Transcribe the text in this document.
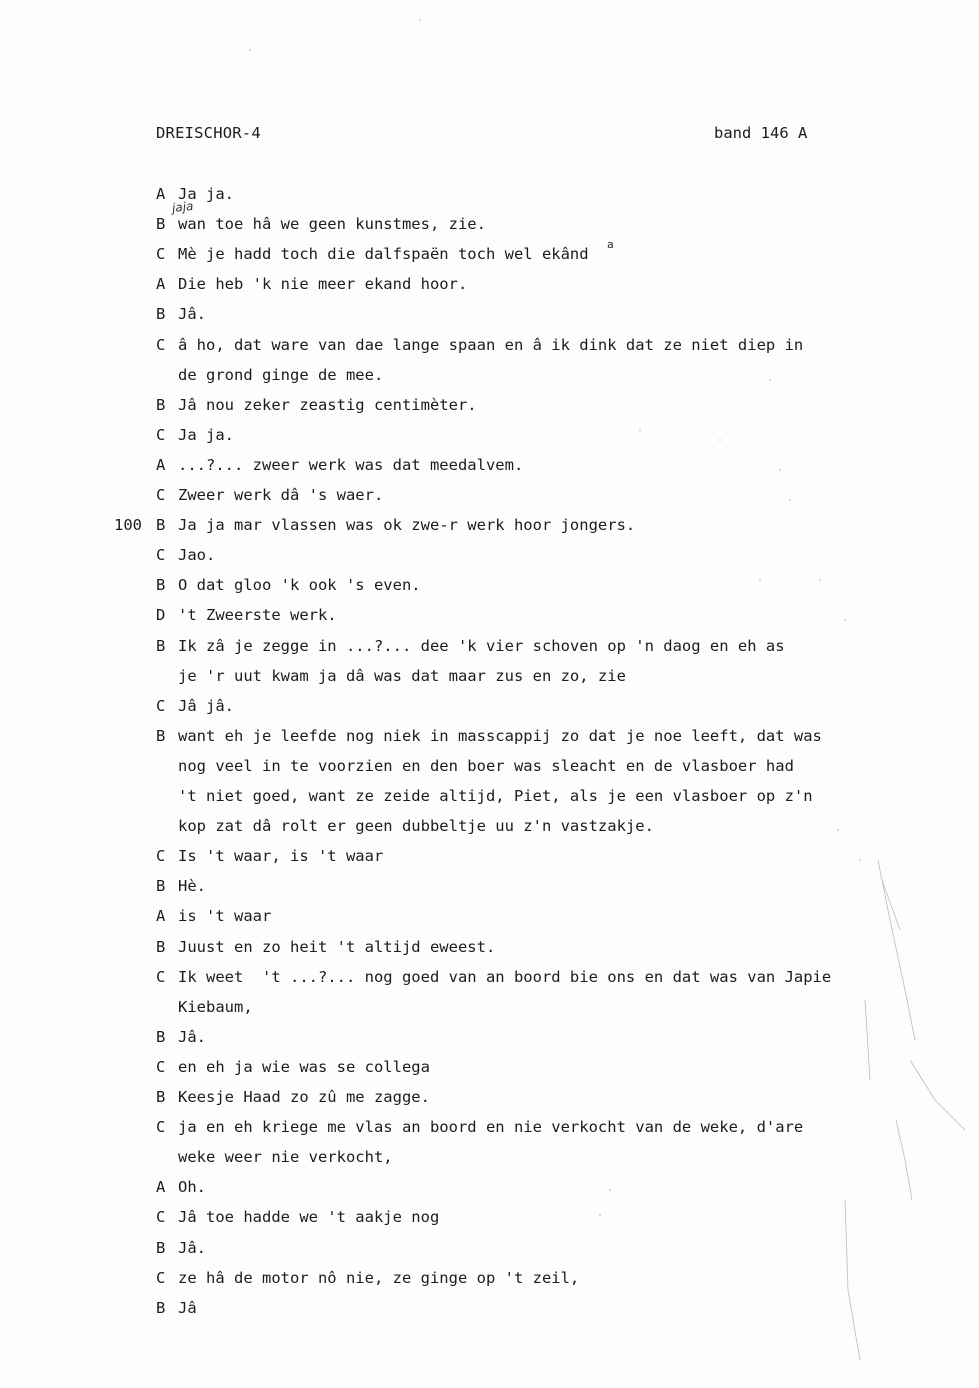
DREISCHOR-4	band 146 A
jaja
a
A Ja ja.
B wan toe hâ we geen kunstmes, zie.
C Mè je hadd toch die dalfspaën toch wel ekând
A Die heb 'k nie meer ekand hoor.
B Jâ.
C â ho, dat ware van dae lange spaan en â ik dink dat ze niet diep in
de grond ginge de mee.
B Jâ nou zeker zeastig centimèter.
C Ja ja.
A ...?... zweer werk was dat meedalvem.
C Zweer werk dâ 's waer.
100 B Ja ja mar vlassen was ok zwe-r werk hoor jongers.
C Jao.
B O dat gloo 'k ook 's even.
D 't Zweerste werk.
B Ik zâ je zegge in ...?... dee 'k vier schoven op 'n daog en eh as
je 'r uut kwam ja dâ was dat maar zus en zo, zie
C Jâ jâ.
B want eh je leefde nog niek in masscappij zo dat je noe leeft, dat was
nog veel in te voorzien en den boer was sleacht en de vlasboer had
't niet goed, want ze zeide altijd, Piet, als je een vlasboer op z'n
kop zat dâ rolt er geen dubbeltje uu z'n vastzakje.
C Is 't waar, is 't waar
B Hè.
A is 't waar
B Juust en zo heit 't altijd eweest.
C Ik weet  't ...?... nog goed van an boord bie ons en dat was van Japie
Kiebaum,
B Jâ.
C en eh ja wie was se collega
B Keesje Haad zo zû me zagge.
C ja en eh kriege me vlas an boord en nie verkocht van de weke, d'are
weke weer nie verkocht,
A Oh.
C Jâ toe hadde we 't aakje nog
B Jâ.
C ze hâ de motor nô nie, ze ginge op 't zeil,
B Jâ
